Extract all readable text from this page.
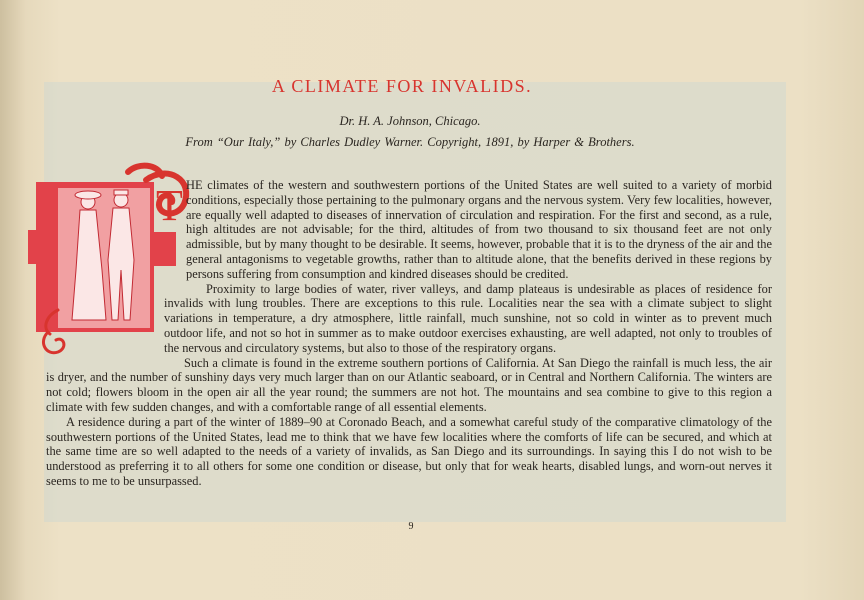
A CLIMATE FOR INVALIDS.
Dr. H. A. Johnson, Chicago.
From “Our Italy,” by Charles Dudley Warner. Copyright, 1891, by Harper & Brothers.
T HE climates of the western and southwestern portions of the United States are well suited to a variety of morbid conditions, especially those pertaining to the pulmonary organs and the nervous system. Very few localities, however, are equally well adapted to diseases of innervation of circulation and respiration. For the first and second, as a rule, high altitudes are not advisable; for the third, altitudes of from two thousand to six thousand feet are not only admissible, but by many thought to be desirable. It seems, however, probable that it is to the dryness of the air and the general antagonisms to vegetable growths, rather than to altitude alone, that the benefits derived in these regions by persons suffering from consumption and kindred diseases should be credited.

Proximity to large bodies of water, river valleys, and damp plateaus is undesirable as places of residence for invalids with lung troubles. There are exceptions to this rule. Localities near the sea with a climate subject to slight variations in temperature, a dry atmosphere, little rainfall, much sunshine, not so cold in winter as to prevent much outdoor life, and not so hot in summer as to make outdoor exercises exhausting, are well adapted, not only to troubles of the nervous and circulatory systems, but also to those of the respiratory organs.

Such a climate is found in the extreme southern portions of California. At San Diego the rainfall is much less, the air is dryer, and the number of sunshiny days very much larger than on our Atlantic seaboard, or in Central and Northern California. The winters are not cold; flowers bloom in the open air all the year round; the summers are not hot. The mountains and sea combine to give to this region a climate with few sudden changes, and with a comfortable range of all essential elements.

A residence during a part of the winter of 1889–90 at Coronado Beach, and a somewhat careful study of the comparative climatology of the southwestern portions of the United States, lead me to think that we have few localities where the comforts of life can be secured, and which at the same time are so well adapted to the needs of a variety of invalids, as San Diego and its surroundings. In saying this I do not wish to be understood as preferring it to all others for some one condition or disease, but only that for weak hearts, disabled lungs, and worn-out nerves it seems to me to be unsurpassed.

9
